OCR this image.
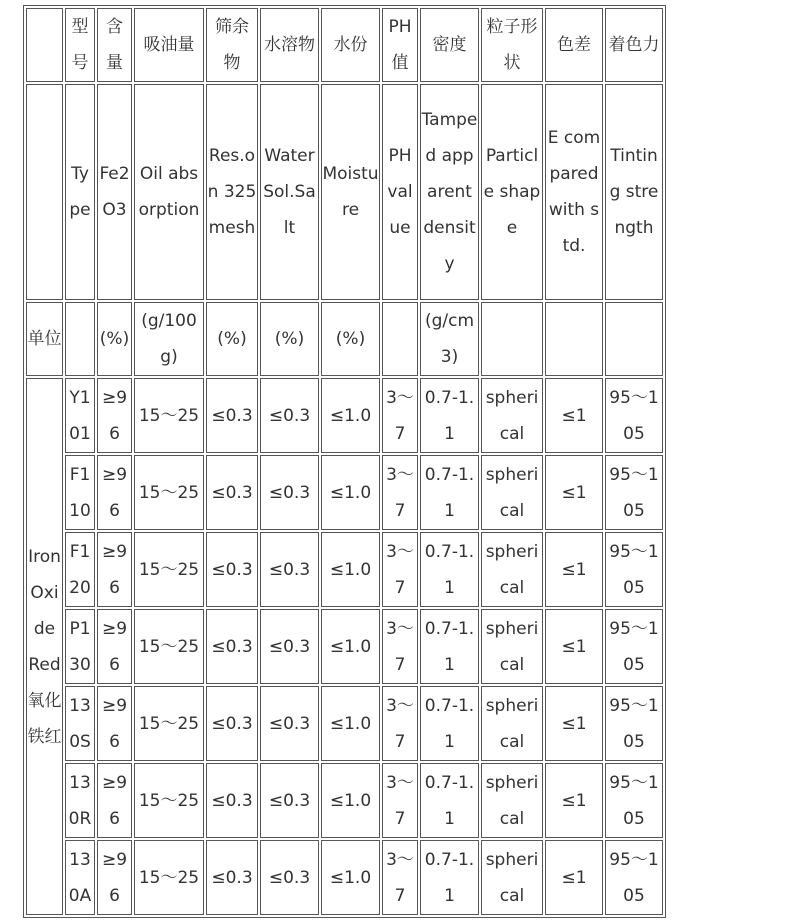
	型号	含量	吸油量	筛余物	水溶物	水份	PH值	密度	粒子形状	色差	着色力
	Type	Fe2O3	Oil absorption	Res.on 325mesh	Water Sol.Salt	Moisture	PH value	Tamped apparent density	Particle shape	E compared with std.	Tinting strength
单位		(%)	(g/100g)	(%)	(%)	(%)		(g/cm3)			
Iron Oxide Red 氧化铁红	Y101	≥96	15～25	≤0.3	≤0.3	≤1.0	3～7	0.7-1.1	spherical	≤1	95～105
	F110	≥96	15～25	≤0.3	≤0.3	≤1.0	3～7	0.7-1.1	spherical	≤1	95～105
	F120	≥96	15～25	≤0.3	≤0.3	≤1.0	3～7	0.7-1.1	spherical	≤1	95～105
	P130	≥96	15～25	≤0.3	≤0.3	≤1.0	3～7	0.7-1.1	spherical	≤1	95～105
	130S	≥96	15～25	≤0.3	≤0.3	≤1.0	3～7	0.7-1.1	spherical	≤1	95～105
	130R	≥96	15～25	≤0.3	≤0.3	≤1.0	3～7	0.7-1.1	spherical	≤1	95～105
	130A	≥96	15～25	≤0.3	≤0.3	≤1.0	3～7	0.7-1.1	spherical	≤1	95～105
